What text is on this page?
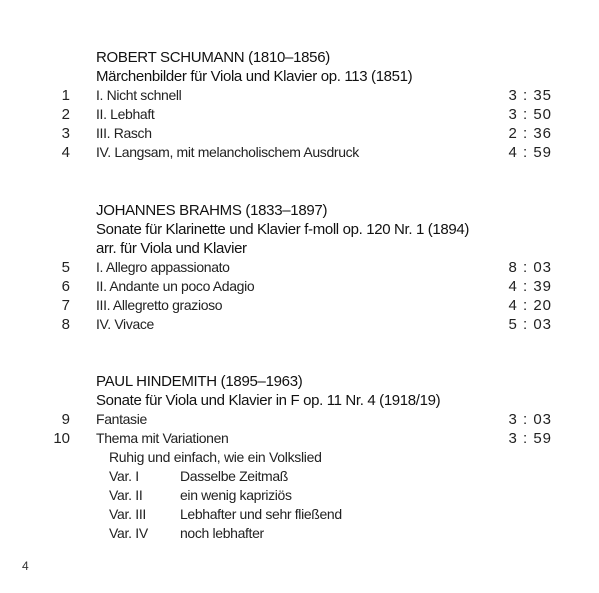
ROBERT SCHUMANN (1810–1856)
Märchenbilder für Viola und Klavier op. 113 (1851)
1 I. Nicht schnell	3 : 35
2 II. Lebhaft	3 : 50
3 III. Rasch	2 : 36
4 IV. Langsam, mit melancholischem Ausdruck	4 : 59
JOHANNES BRAHMS (1833–1897)
Sonate für Klarinette und Klavier f-moll op. 120 Nr. 1 (1894)
arr. für Viola und Klavier
5 I. Allegro appassionato	8 : 03
6 II. Andante un poco Adagio	4 : 39
7 III. Allegretto grazioso	4 : 20
8 IV. Vivace	5 : 03
PAUL HINDEMITH (1895–1963)
Sonate für Viola und Klavier in F op. 11 Nr. 4 (1918/19)
9 Fantasie	3 : 03
10 Thema mit Variationen	3 : 59
Ruhig und einfach, wie ein Volkslied
Var. I	Dasselbe Zeitmaß
Var. II	ein wenig kapriziös
Var. III	Lebhafter und sehr fließend
Var. IV	noch lebhafter
4
